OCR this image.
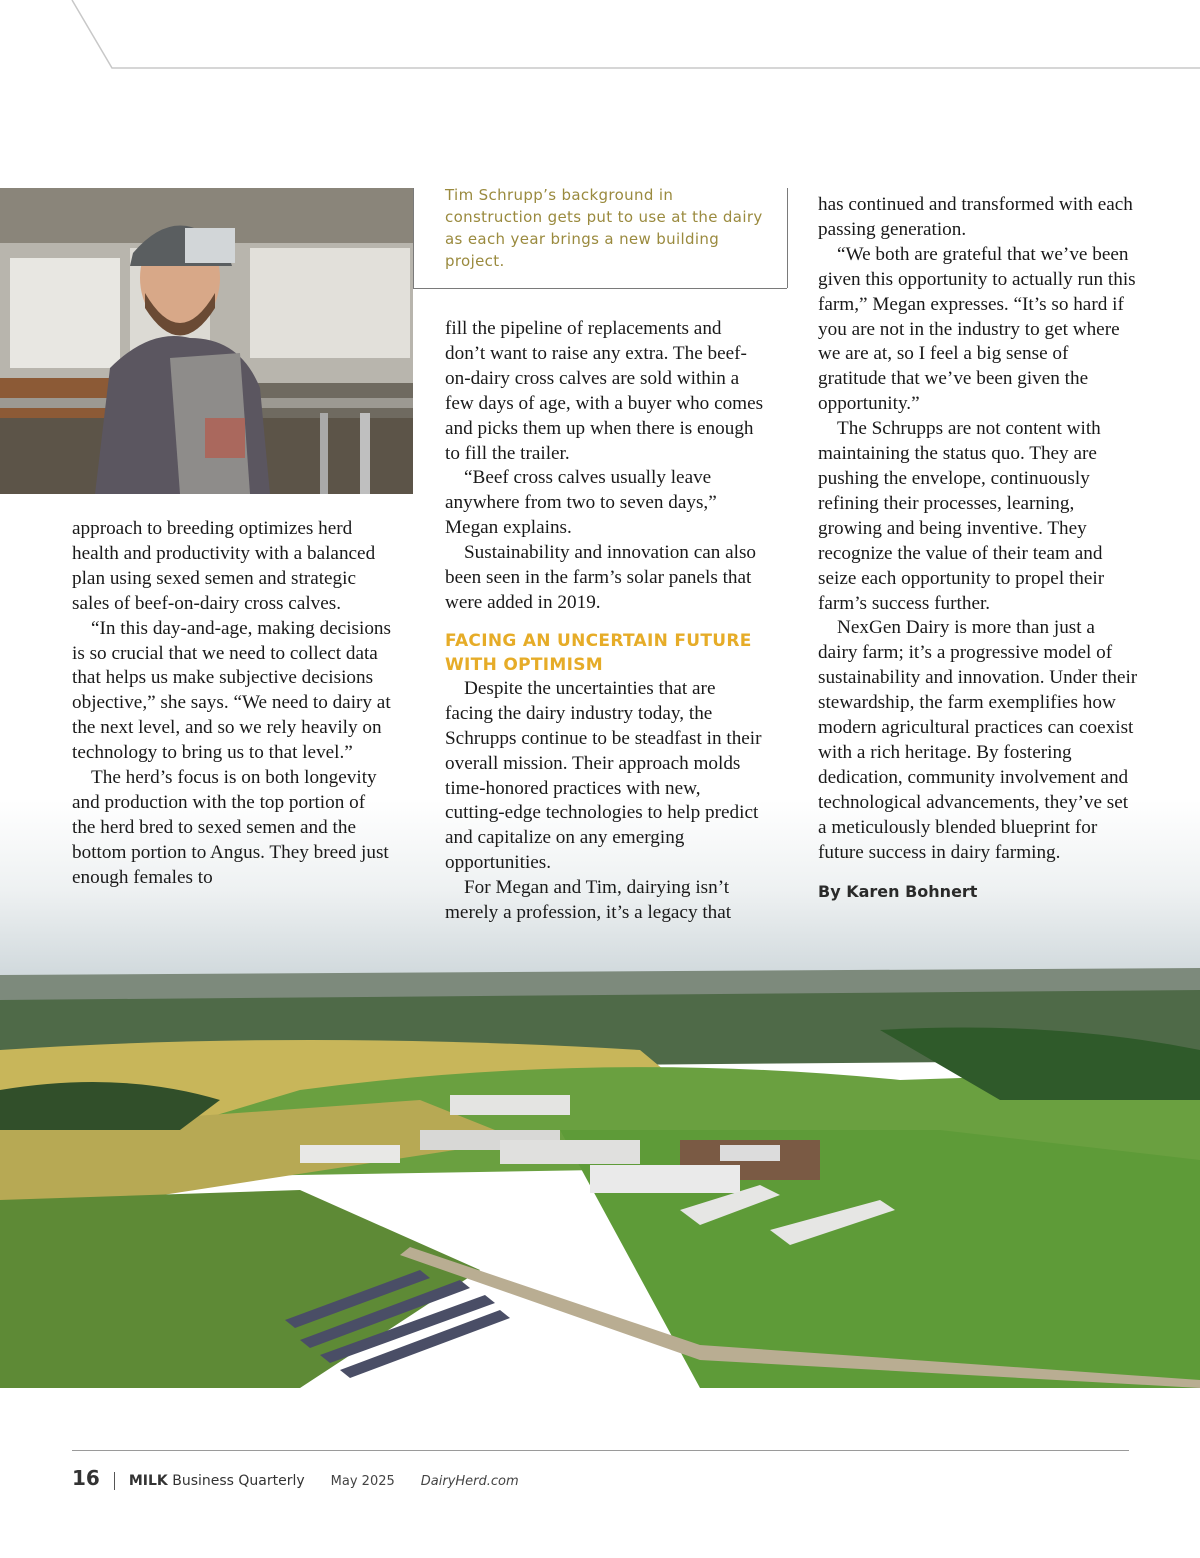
Tim Schrupp’s background in construction gets put to use at the dairy as each year brings a new building project.

approach to breeding optimizes herd health and productivity with a balanced plan using sexed semen and strategic sales of beef-on-dairy cross calves.

“In this day-and-age, making decisions is so crucial that we need to collect data that helps us make subjective decisions objective,” she says. “We need to dairy at the next level, and so we rely heavily on technology to bring us to that level.”

The herd’s focus is on both longevity and production with the top portion of the herd bred to sexed semen and the bottom portion to Angus. They breed just enough females to

fill the pipeline of replacements and don’t want to raise any extra. The beef-on-dairy cross calves are sold within a few days of age, with a buyer who comes and picks them up when there is enough to fill the trailer.

“Beef cross calves usually leave anywhere from two to seven days,” Megan explains.

Sustainability and innovation can also been seen in the farm’s solar panels that were added in 2019.

FACING AN UNCERTAIN FUTURE WITH OPTIMISM

Despite the uncertainties that are facing the dairy industry today, the Schrupps continue to be steadfast in their overall mission. Their approach molds time-honored practices with new, cutting-edge technologies to help predict and capitalize on any emerging opportunities.

For Megan and Tim, dairying isn’t merely a profession, it’s a legacy that

has continued and transformed with each passing generation.

“We both are grateful that we’ve been given this opportunity to actually run this farm,” Megan expresses. “It’s so hard if you are not in the industry to get where we are at, so I feel a big sense of gratitude that we’ve been given the opportunity.”

The Schrupps are not content with maintaining the status quo. They are pushing the envelope, continuously refining their processes, learning, growing and being inventive. They recognize the value of their team and seize each opportunity to propel their farm’s success further.

NexGen Dairy is more than just a dairy farm; it’s a progressive model of sustainability and innovation. Under their stewardship, the farm exemplifies how modern agricultural practices can coexist with a rich heritage. By fostering dedication, community involvement and technological advancements, they’ve set a meticulously blended blueprint for future success in dairy farming.

By Karen Bohnert
16 MILK Business Quarterly May 2025 DairyHerd.com
